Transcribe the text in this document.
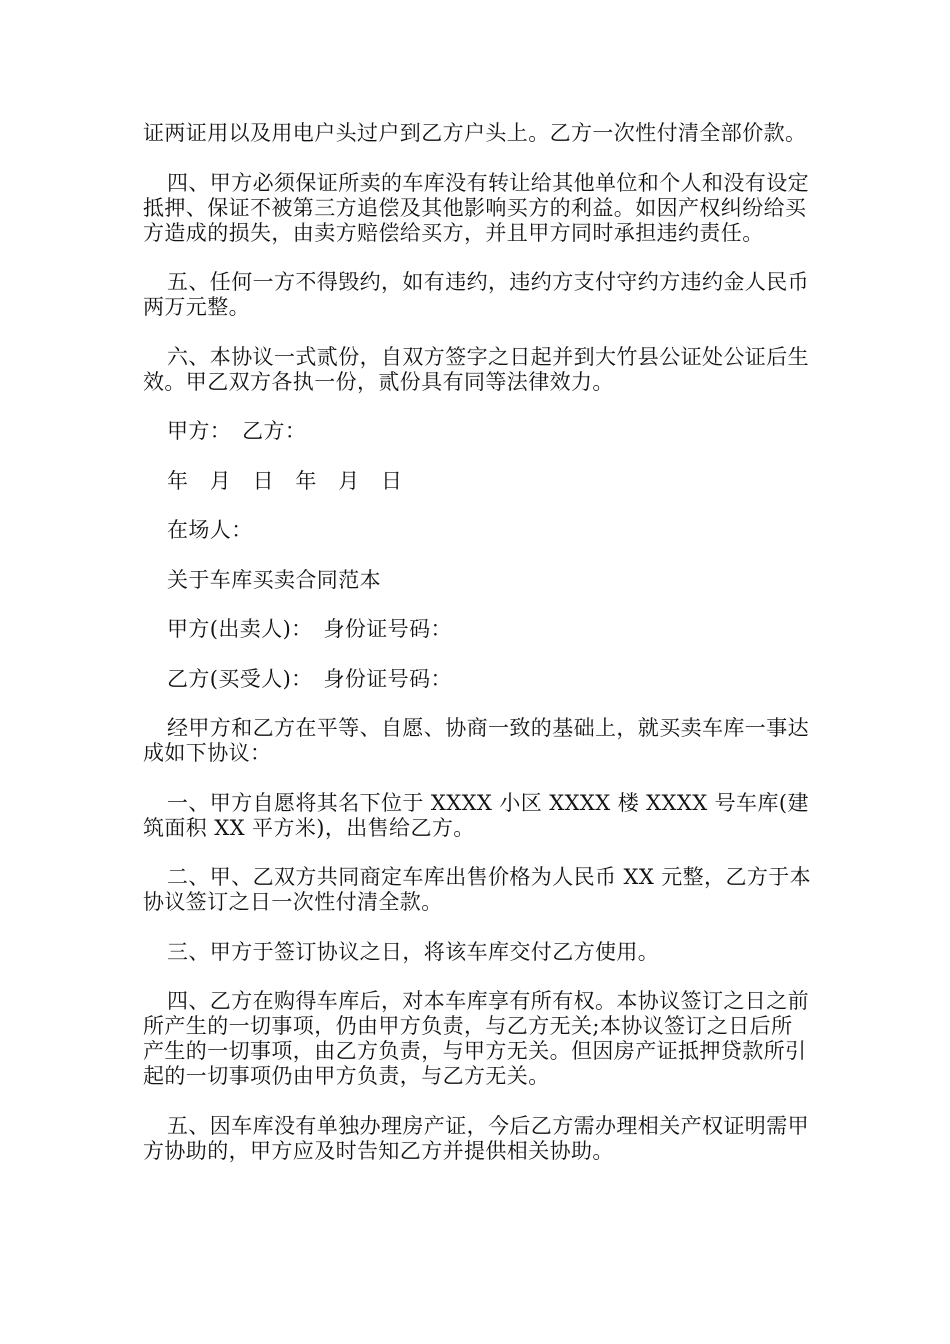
证两证用以及用电户头过户到乙方户头上。乙方一次性付清全部价款。

四、甲方必须保证所卖的车库没有转让给其他单位和个人和没有设定抵押、保证不被第三方追偿及其他影响买方的利益。如因产权纠纷给买方造成的损失，由卖方赔偿给买方，并且甲方同时承担违约责任。

五、任何一方不得毁约，如有违约，违约方支付守约方违约金人民币两万元整。

六、本协议一式贰份，自双方签字之日起并到大竹县公证处公证后生效。甲乙双方各执一份，贰份具有同等法律效力。

甲方：　乙方：

年　月　日　年　月　日

在场人：

关于车库买卖合同范本

甲方(出卖人)：　身份证号码：

乙方(买受人)：　身份证号码：

经甲方和乙方在平等、自愿、协商一致的基础上，就买卖车库一事达成如下协议：

一、甲方自愿将其名下位于 XXXX 小区 XXXX 楼 XXXX 号车库(建筑面积 XX 平方米)，出售给乙方。

二、甲、乙双方共同商定车库出售价格为人民币 XX 元整，乙方于本协议签订之日一次性付清全款。

三、甲方于签订协议之日，将该车库交付乙方使用。

四、乙方在购得车库后，对本车库享有所有权。本协议签订之日之前所产生的一切事项，仍由甲方负责，与乙方无关;本协议签订之日后所产生的一切事项，由乙方负责，与甲方无关。但因房产证抵押贷款所引起的一切事项仍由甲方负责，与乙方无关。

五、因车库没有单独办理房产证，今后乙方需办理相关产权证明需甲方协助的，甲方应及时告知乙方并提供相关协助。
